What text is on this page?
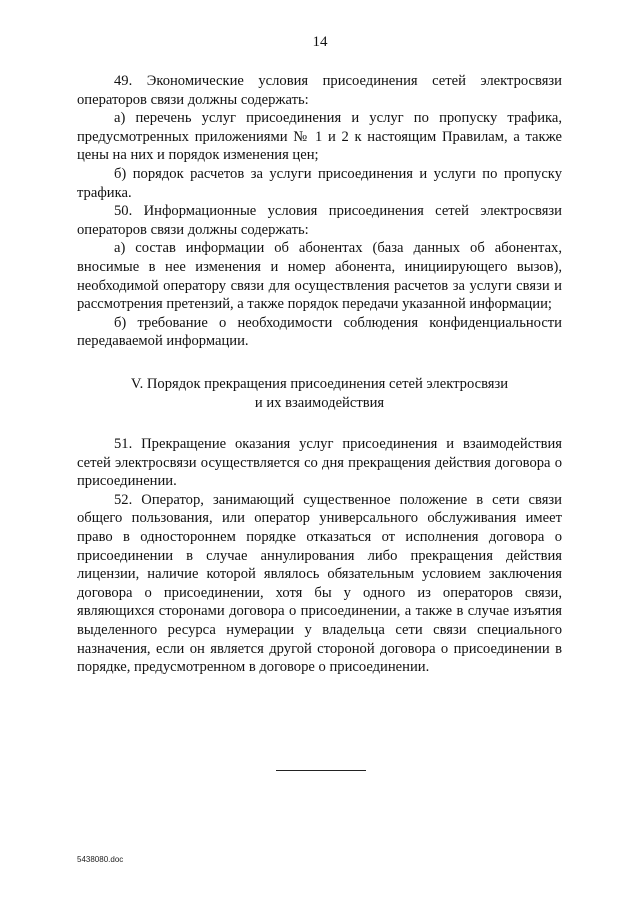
14

49. Экономические условия присоединения сетей электросвязи операторов связи должны содержать:

а) перечень услуг присоединения и услуг по пропуску трафика, предусмотренных приложениями № 1 и 2 к настоящим Правилам, а также цены на них и порядок изменения цен;

б) порядок расчетов за услуги присоединения и услуги по пропуску трафика.

50. Информационные условия присоединения сетей электросвязи операторов связи должны содержать:

а) состав информации об абонентах (база данных об абонентах, вносимые в нее изменения и номер абонента, инициирующего вызов), необходимой оператору связи для осуществления расчетов за услуги связи и рассмотрения претензий, а также порядок передачи указанной информации;

б) требование о необходимости соблюдения конфиденциальности передаваемой информации.

V. Порядок прекращения присоединения сетей электросвязи
и их взаимодействия

51. Прекращение оказания услуг присоединения и взаимодействия сетей электросвязи осуществляется со дня прекращения действия договора о присоединении.

52. Оператор, занимающий существенное положение в сети связи общего пользования, или оператор универсального обслуживания имеет право в одностороннем порядке отказаться от исполнения договора о присоединении в случае аннулирования либо прекращения действия лицензии, наличие которой являлось обязательным условием заключения договора о присоединении, хотя бы у одного из операторов связи, являющихся сторонами договора о присоединении, а также в случае изъятия выделенного ресурса нумерации у владельца сети связи специального назначения, если он является другой стороной договора о присоединении в порядке, предусмотренном в договоре о присоединении.

5438080.doc
